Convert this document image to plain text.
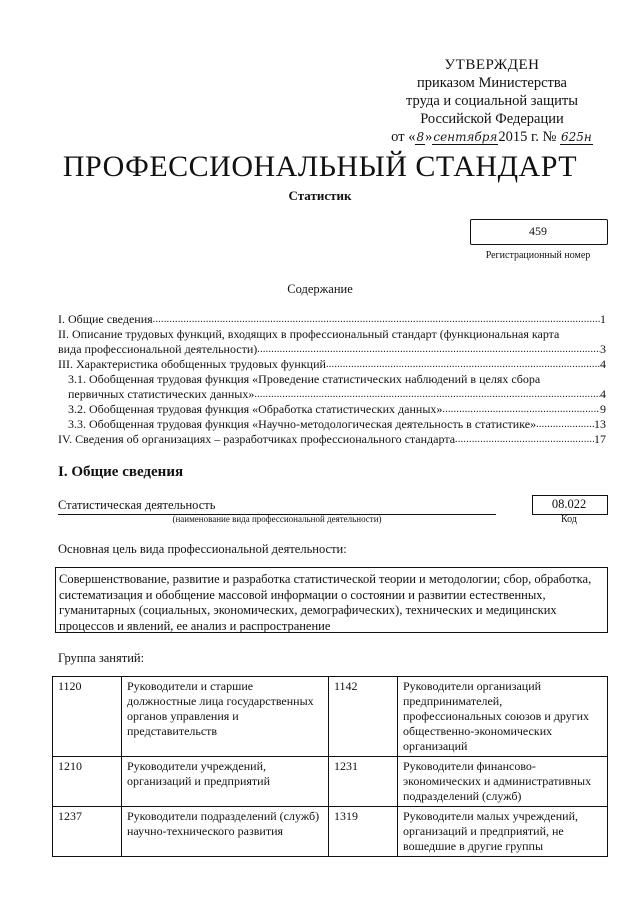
УТВЕРЖДЕН
приказом Министерства
труда и социальной защиты
Российской Федерации
от «8»сентября2015 г. № 625н
ПРОФЕССИОНАЛЬНЫЙ СТАНДАРТ
Статистик
459
Регистрационный номер
Содержание
I. Общие сведения .....	1
II. Описание трудовых функций, входящих в профессиональный стандарт (функциональная карта
вида профессиональной деятельности) .....	3
III. Характеристика обобщенных трудовых функций .....	4
3.1. Обобщенная трудовая функция «Проведение статистических наблюдений в целях сбора
первичных статистических данных» .....	4
3.2. Обобщенная трудовая функция «Обработка статистических данных» .....	9
3.3. Обобщенная трудовая функция «Научно-методологическая деятельность в статистике» .....	13
IV. Сведения об организациях – разработчиках профессионального стандарта .....	17
I. Общие сведения
Статистическая деятельность
(наименование вида профессиональной деятельности)
08.022
Код
Основная цель вида профессиональной деятельности:
Совершенствование, развитие и разработка статистической теории и методологии; сбор, обработка, систематизация и обобщение массовой информации о состоянии и развитии естественных, гуманитарных (социальных, экономических, демографических), технических и медицинских процессов и явлений, ее анализ и распространение
Группа занятий:
1120	Руководители и старшие должностные лица государственных органов управления и представительств	1142	Руководители организаций предпринимателей, профессиональных союзов и других общественно-экономических организаций
1210	Руководители учреждений, организаций и предприятий	1231	Руководители финансово-экономических и административных подразделений (служб)
1237	Руководители подразделений (служб) научно-технического развития	1319	Руководители малых учреждений, организаций и предприятий, не вошедшие в другие группы
